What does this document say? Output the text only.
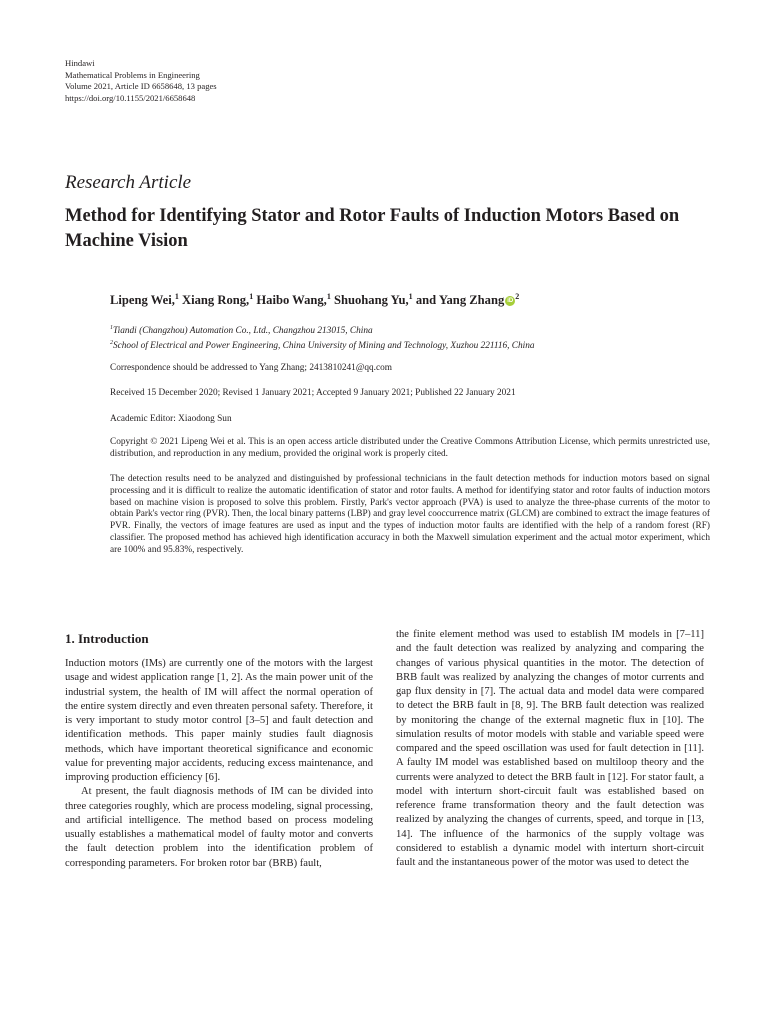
Hindawi
Mathematical Problems in Engineering
Volume 2021, Article ID 6658648, 13 pages
https://doi.org/10.1155/2021/6658648
Research Article
Method for Identifying Stator and Rotor Faults of Induction Motors Based on Machine Vision
Lipeng Wei,$^1$ Xiang Rong,$^1$ Haibo Wang,$^1$ Shuohang Yu,$^1$ and Yang Zhang $iD^2$
$^1$Tiandi (Changzhou) Automation Co., Ltd., Changzhou 213015, China
$^2$School of Electrical and Power Engineering, China University of Mining and Technology, Xuzhou 221116, China
Correspondence should be addressed to Yang Zhang; 2413810241@qq.com
Received 15 December 2020; Revised 1 January 2021; Accepted 9 January 2021; Published 22 January 2021
Academic Editor: Xiaodong Sun
Copyright © 2021 Lipeng Wei et al. This is an open access article distributed under the Creative Commons Attribution License, which permits unrestricted use, distribution, and reproduction in any medium, provided the original work is properly cited.
The detection results need to be analyzed and distinguished by professional technicians in the fault detection methods for induction motors based on signal processing and it is difficult to realize the automatic identification of stator and rotor faults. A method for identifying stator and rotor faults of induction motors based on machine vision is proposed to solve this problem. Firstly, Park's vector approach (PVA) is used to analyze the three-phase currents of the motor to obtain Park's vector ring (PVR). Then, the local binary patterns (LBP) and gray level cooccurrence matrix (GLCM) are combined to extract the image features of PVR. Finally, the vectors of image features are used as input and the types of induction motor faults are identified with the help of a random forest (RF) classifier. The proposed method has achieved high identification accuracy in both the Maxwell simulation experiment and the actual motor experiment, which are 100% and 95.83%, respectively.
1. Introduction

Induction motors (IMs) are currently one of the motors with the largest usage and widest application range [1, 2]. As the main power unit of the industrial system, the health of IM will affect the normal operation of the entire system directly and even threaten personal safety. Therefore, it is very important to study motor control [3–5] and fault detection and identification methods. This paper mainly studies fault diagnosis methods, which have important theoretical significance and economic value for preventing major accidents, reducing excess maintenance, and improving production efficiency [6].

At present, the fault diagnosis methods of IM can be divided into three categories roughly, which are process modeling, signal processing, and artificial intelligence. The method based on process modeling usually establishes a mathematical model of faulty motor and converts the fault detection problem into the identification problem of corresponding parameters. For broken rotor bar (BRB) fault,

the finite element method was used to establish IM models in [7–11] and the fault detection was realized by analyzing and comparing the changes of various physical quantities in the motor. The detection of BRB fault was realized by analyzing the changes of motor currents and gap flux density in [7]. The actual data and model data were compared to detect the BRB fault in [8, 9]. The BRB fault detection was realized by monitoring the change of the external magnetic flux in [10]. The simulation results of motor models with stable and variable speed were compared and the speed oscillation was used for fault detection in [11]. A faulty IM model was established based on multiloop theory and the currents were analyzed to detect the BRB fault in [12]. For stator fault, a model with interturn short-circuit fault was established based on reference frame transformation theory and the fault detection was realized by analyzing the changes of currents, speed, and torque in [13, 14]. The influence of the harmonics of the supply voltage was considered to establish a dynamic model with interturn short-circuit fault and the instantaneous power of the motor was used to detect the
